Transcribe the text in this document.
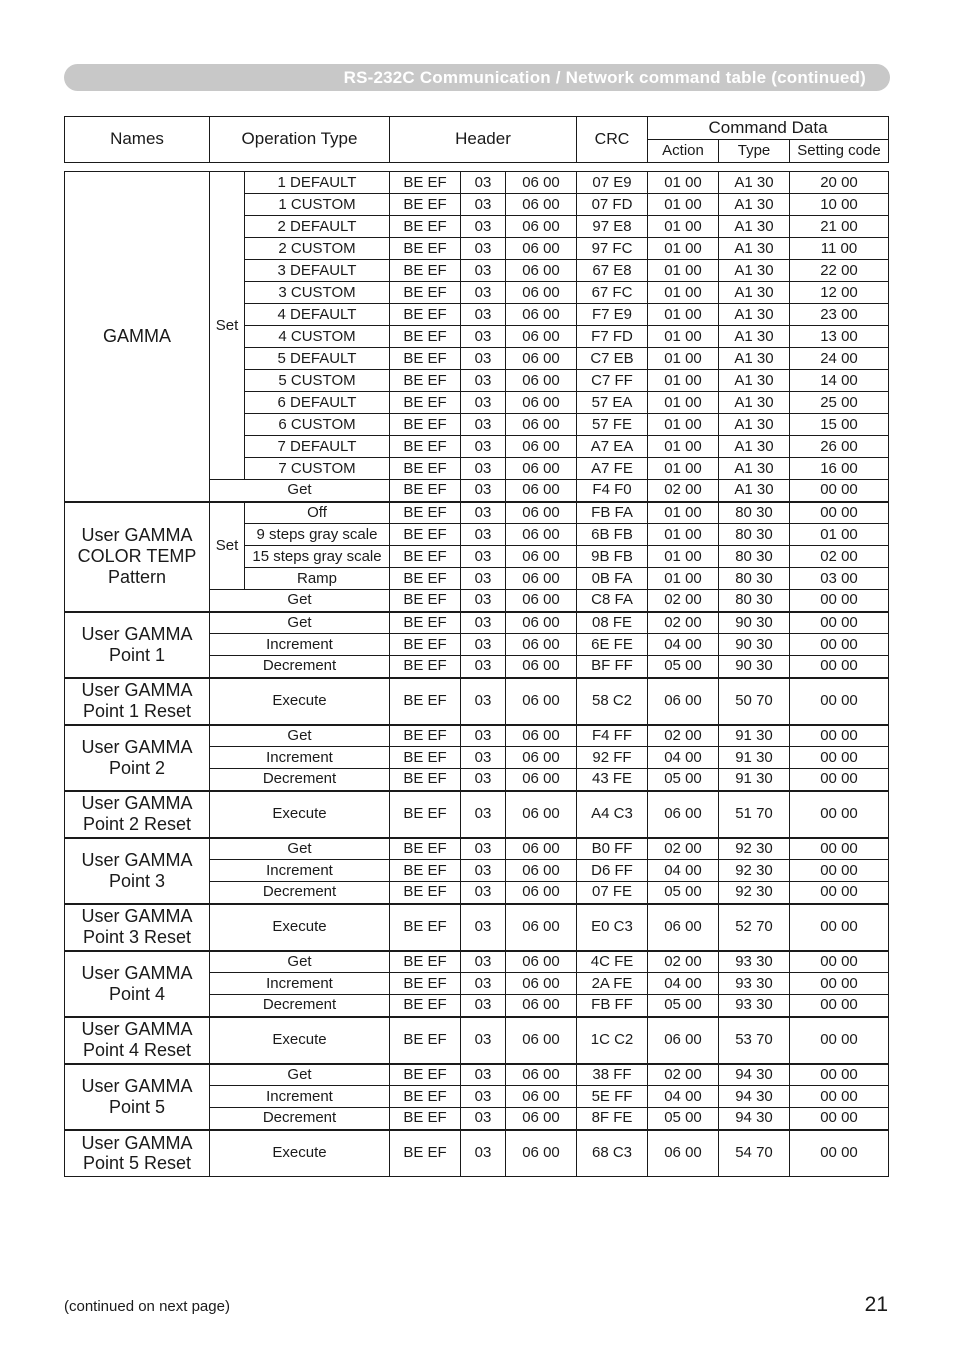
RS-232C Communication / Network command table (continued)
Names	Operation Type	Header	CRC	Command Data		
				Action	Type	Setting code
GAMMA	Set	1 DEFAULT	BE EF	03	06 00	07 E9	01 00	A1 30	20 00
		1 CUSTOM	BE EF	03	06 00	07 FD	01 00	A1 30	10 00
		2 DEFAULT	BE EF	03	06 00	97 E8	01 00	A1 30	21 00
		2 CUSTOM	BE EF	03	06 00	97 FC	01 00	A1 30	11 00
		3 DEFAULT	BE EF	03	06 00	67 E8	01 00	A1 30	22 00
		3 CUSTOM	BE EF	03	06 00	67 FC	01 00	A1 30	12 00
		4 DEFAULT	BE EF	03	06 00	F7 E9	01 00	A1 30	23 00
		4 CUSTOM	BE EF	03	06 00	F7 FD	01 00	A1 30	13 00
		5 DEFAULT	BE EF	03	06 00	C7 EB	01 00	A1 30	24 00
		5 CUSTOM	BE EF	03	06 00	C7 FF	01 00	A1 30	14 00
		6 DEFAULT	BE EF	03	06 00	57 EA	01 00	A1 30	25 00
		6 CUSTOM	BE EF	03	06 00	57 FE	01 00	A1 30	15 00
		7 DEFAULT	BE EF	03	06 00	A7 EA	01 00	A1 30	26 00
		7 CUSTOM	BE EF	03	06 00	A7 FE	01 00	A1 30	16 00
	Get		BE EF	03	06 00	F4 F0	02 00	A1 30	00 00
User GAMMA COLOR TEMP Pattern	Set	Off	BE EF	03	06 00	FB FA	01 00	80 30	00 00
		9 steps gray scale	BE EF	03	06 00	6B FB	01 00	80 30	01 00
		15 steps gray scale	BE EF	03	06 00	9B FB	01 00	80 30	02 00
		Ramp	BE EF	03	06 00	0B FA	01 00	80 30	03 00
	Get		BE EF	03	06 00	C8 FA	02 00	80 30	00 00
User GAMMA Point 1	Get		BE EF	03	06 00	08 FE	02 00	90 30	00 00
	Increment		BE EF	03	06 00	6E FE	04 00	90 30	00 00
	Decrement		BE EF	03	06 00	BF FF	05 00	90 30	00 00
User GAMMA Point 1 Reset	Execute		BE EF	03	06 00	58 C2	06 00	50 70	00 00
User GAMMA Point 2	Get		BE EF	03	06 00	F4 FF	02 00	91 30	00 00
	Increment		BE EF	03	06 00	92 FF	04 00	91 30	00 00
	Decrement		BE EF	03	06 00	43 FE	05 00	91 30	00 00
User GAMMA Point 2 Reset	Execute		BE EF	03	06 00	A4 C3	06 00	51 70	00 00
User GAMMA Point 3	Get		BE EF	03	06 00	B0 FF	02 00	92 30	00 00
	Increment		BE EF	03	06 00	D6 FF	04 00	92 30	00 00
	Decrement		BE EF	03	06 00	07 FE	05 00	92 30	00 00
User GAMMA Point 3 Reset	Execute		BE EF	03	06 00	E0 C3	06 00	52 70	00 00
User GAMMA Point 4	Get		BE EF	03	06 00	4C FE	02 00	93 30	00 00
	Increment		BE EF	03	06 00	2A FE	04 00	93 30	00 00
	Decrement		BE EF	03	06 00	FB FF	05 00	93 30	00 00
User GAMMA Point 4 Reset	Execute		BE EF	03	06 00	1C C2	06 00	53 70	00 00
User GAMMA Point 5	Get		BE EF	03	06 00	38 FF	02 00	94 30	00 00
	Increment		BE EF	03	06 00	5E FF	04 00	94 30	00 00
	Decrement		BE EF	03	06 00	8F FE	05 00	94 30	00 00
User GAMMA Point 5 Reset	Execute		BE EF	03	06 00	68 C3	06 00	54 70	00 00
(continued on next page)	21
